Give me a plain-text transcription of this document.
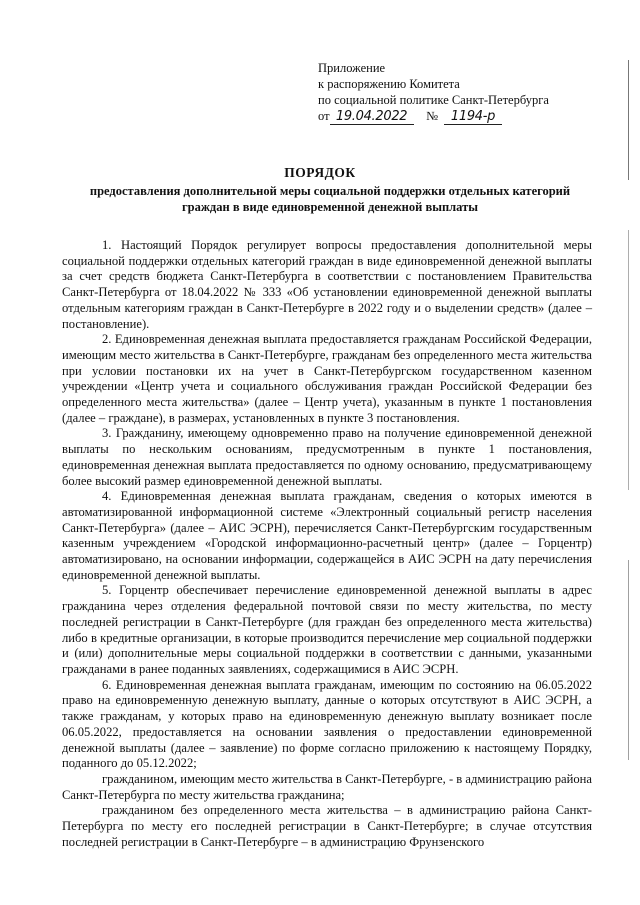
Приложение
к распоряжению Комитета
по социальной политике Санкт-Петербурга
от 19.04.2022 № 1194-р
ПОРЯДОК
предоставления дополнительной меры социальной поддержки отдельных категорий граждан в виде единовременной денежной выплаты

1. Настоящий Порядок регулирует вопросы предоставления дополнительной меры социальной поддержки отдельных категорий граждан в виде единовременной денежной выплаты за счет средств бюджета Санкт-Петербурга в соответствии с постановлением Правительства Санкт-Петербурга от 18.04.2022 № 333 «Об установлении единовременной денежной выплаты отдельным категориям граждан в Санкт-Петербурге в 2022 году и о выделении средств» (далее – постановление).

2. Единовременная денежная выплата предоставляется гражданам Российской Федерации, имеющим место жительства в Санкт-Петербурге, гражданам без определенного места жительства при условии постановки их на учет в Санкт-Петербургском государственном казенном учреждении «Центр учета и социального обслуживания граждан Российской Федерации без определенного места жительства» (далее – Центр учета), указанным в пункте 1 постановления (далее – граждане), в размерах, установленных в пункте 3 постановления.

3. Гражданину, имеющему одновременно право на получение единовременной денежной выплаты по нескольким основаниям, предусмотренным в пункте 1 постановления, единовременная денежная выплата предоставляется по одному основанию, предусматривающему более высокий размер единовременной денежной выплаты.

4. Единовременная денежная выплата гражданам, сведения о которых имеются в автоматизированной информационной системе «Электронный социальный регистр населения Санкт-Петербурга» (далее – АИС ЭСРН), перечисляется Санкт-Петербургским государственным казенным учреждением «Городской информационно-расчетный центр» (далее – Горцентр) автоматизировано, на основании информации, содержащейся в АИС ЭСРН на дату перечисления единовременной денежной выплаты.

5. Горцентр обеспечивает перечисление единовременной денежной выплаты в адрес гражданина через отделения федеральной почтовой связи по месту жительства, по месту последней регистрации в Санкт-Петербурге (для граждан без определенного места жительства) либо в кредитные организации, в которые производится перечисление мер социальной поддержки и (или) дополнительные меры социальной поддержки в соответствии с данными, указанными гражданами в ранее поданных заявлениях, содержащимися в АИС ЭСРН.

6. Единовременная денежная выплата гражданам, имеющим по состоянию на 06.05.2022 право на единовременную денежную выплату, данные о которых отсутствуют в АИС ЭСРН, а также гражданам, у которых право на единовременную денежную выплату возникает после 06.05.2022, предоставляется на основании заявления о предоставлении единовременной денежной выплаты (далее – заявление) по форме согласно приложению к настоящему Порядку, поданного до 05.12.2022;

гражданином, имеющим место жительства в Санкт-Петербурге, - в администрацию района Санкт-Петербурга по месту жительства гражданина;

гражданином без определенного места жительства – в администрацию района Санкт-Петербурга по месту его последней регистрации в Санкт-Петербурге; в случае отсутствия последней регистрации в Санкт-Петербурге – в администрацию Фрунзенского
